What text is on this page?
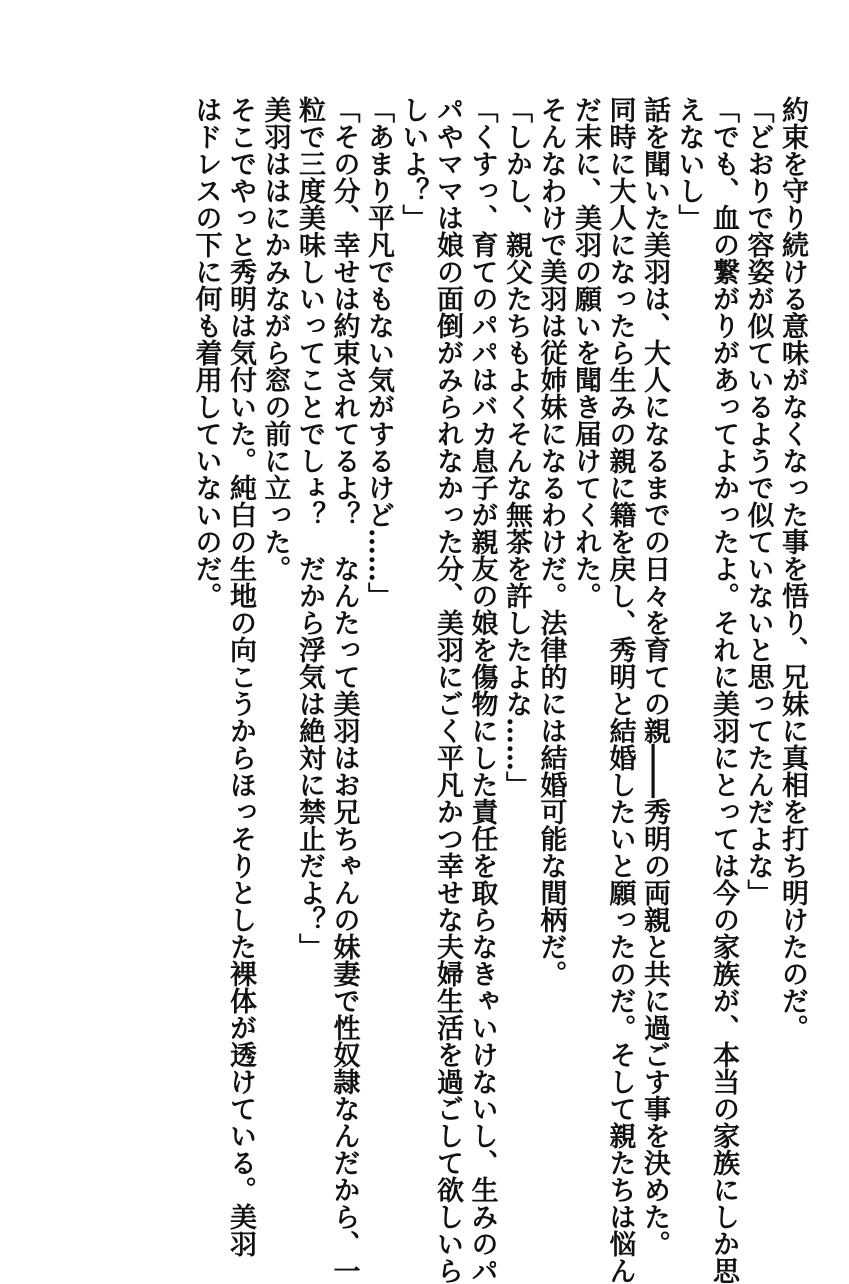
約束を守り続ける意味がなくなった事を悟り、兄妹に真相を打ち明けたのだ。
「どおりで容姿が似ているようで似ていないと思ってたんだよな」
「でも、血の繋がりがあってよかったよ。それに美羽にとっては今の家族が、本当の家族にしか思
えないし」
話を聞いた美羽は、大人になるまでの日々を育ての親――秀明の両親と共に過ごす事を決めた。
同時に大人になったら生みの親に籍を戻し、秀明と結婚したいと願ったのだ。そして親たちは悩ん
だ末に、美羽の願いを聞き届けてくれた。
そんなわけで美羽は従姉妹になるわけだ。法律的には結婚可能な間柄だ。
「しかし、親父たちもよくそんな無茶を許したよな……」
「くすっ、育てのパパはバカ息子が親友の娘を傷物にした責任を取らなきゃいけないし、生みのパ
パやママは娘の面倒がみられなかった分、美羽にごく平凡かつ幸せな夫婦生活を過ごして欲しいら
しいよ？」
「あまり平凡でもない気がするけど……」
「その分、幸せは約束されてるよ？　なんたって美羽はお兄ちゃんの妹妻で性奴隷なんだから、一
粒で三度美味しいってことでしょ？　だから浮気は絶対に禁止だよ？」
美羽ははにかみながら窓の前に立った。
そこでやっと秀明は気付いた。純白の生地の向こうからほっそりとした裸体が透けている。美羽
はドレスの下に何も着用していないのだ。
